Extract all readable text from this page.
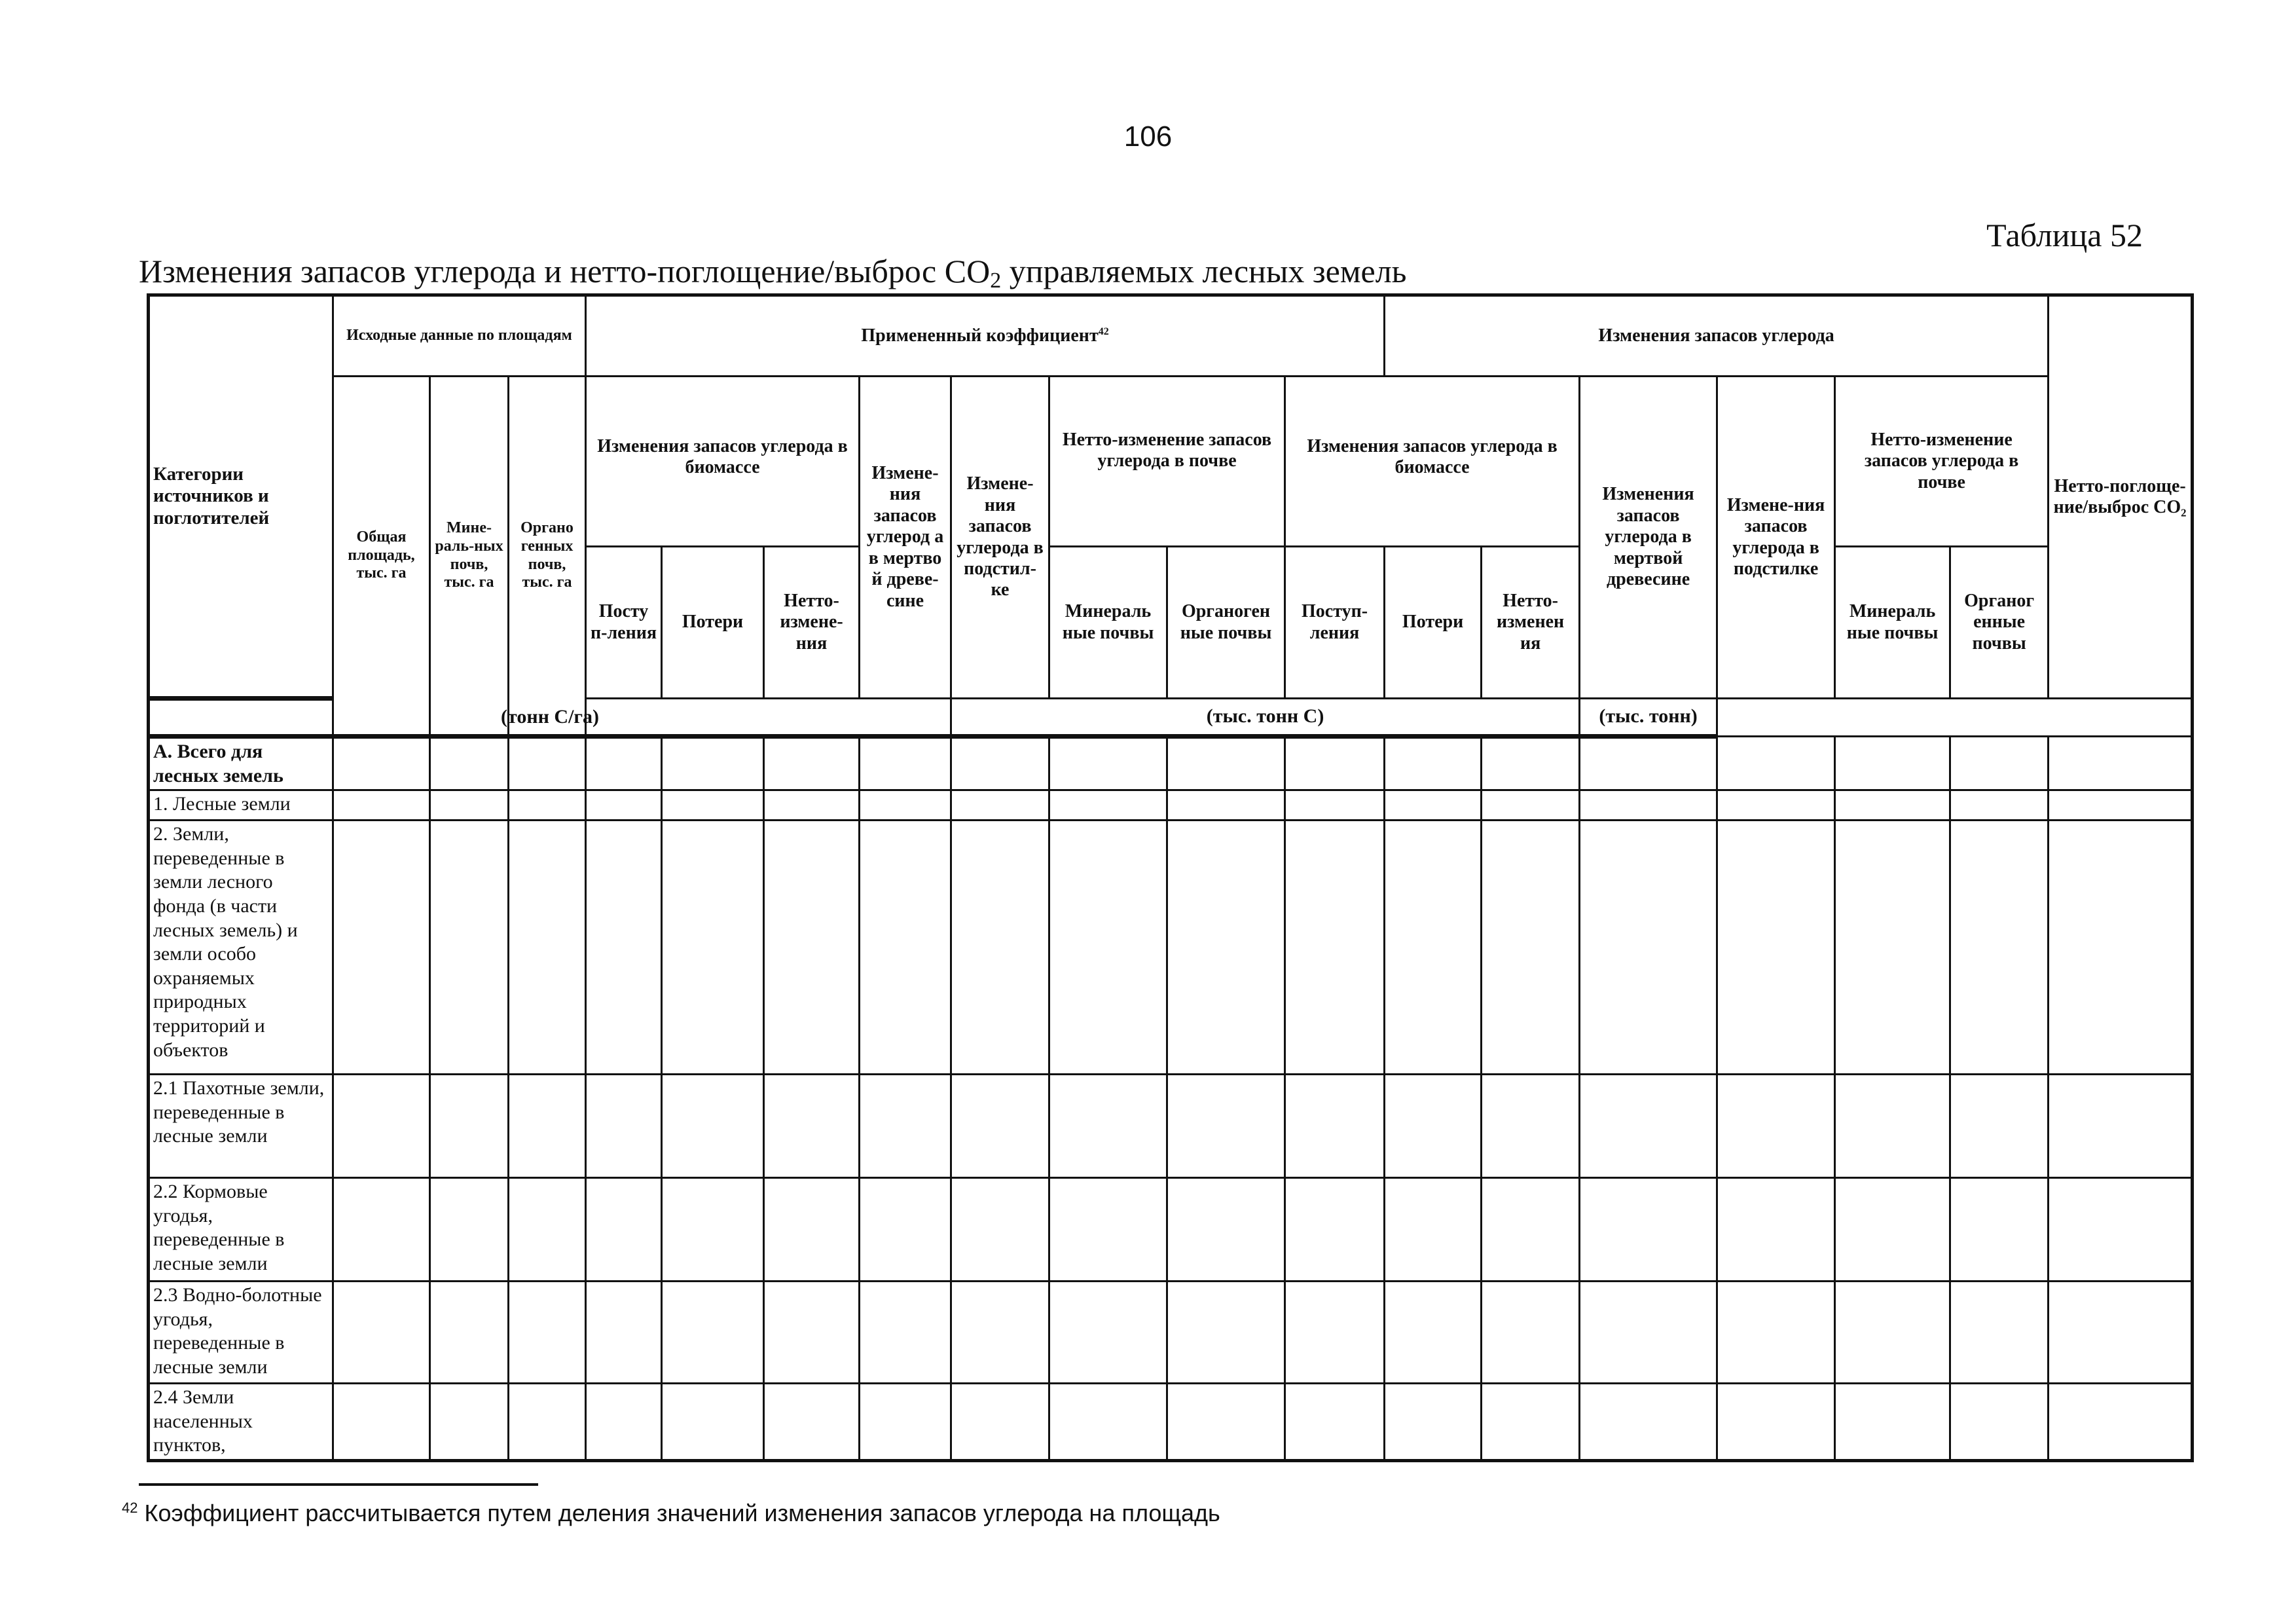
106
Таблица 52
Изменения запасов углерода и нетто-поглощение/выброс $CO_2$ управляемых лесных земель
Категории источников и поглотителей	Исходные данные по площадям			Примененный коэффициент$^{42}$								Изменения запасов углерода						Нетто-поглоще-ние/выброс CO₂
	Общая площадь, тыс. га	Мине-раль-ных почв, тыс. га	Органо генных почв, тыс. га	Изменения запасов углерода в биомассе			Измене-ния запасов углерод а в мертво й древе-сине	Измене-ния запасов углерода в подстил-ке	Нетто-изменение запасов углерода в почве		Изменения запасов углерода в биомассе			Изменения запасов углерода в мертвой древесине	Измене-ния запасов углерода в подстилке	Нетто-изменение запасов углерода в почве		
				Посту п-ления	Потери	Нетто-измене-ния			Минераль ные почвы	Органоген ные почвы	Поступ-ления	Потери	Нетто-изменен ия			Минераль ные почвы	Органог енные почвы	
(тонн С/га)								(тыс. тонн С)						(тыс. тонн)				
А. Всего для лесных земель																		
1. Лесные земли																		
2. Земли, переведенные в земли лесного фонда (в части лесных земель) и земли особо охраняемых природных территорий и объектов																		
2.1 Пахотные земли, переведенные в лесные земли																		
2.2 Кормовые угодья, переведенные в лесные земли																		
2.3 Водно-болотные угодья, переведенные в лесные земли																		
2.4 Земли населенных пунктов,																		
$^{42}$ Коэффициент рассчитывается путем деления значений изменения запасов углерода на площадь
